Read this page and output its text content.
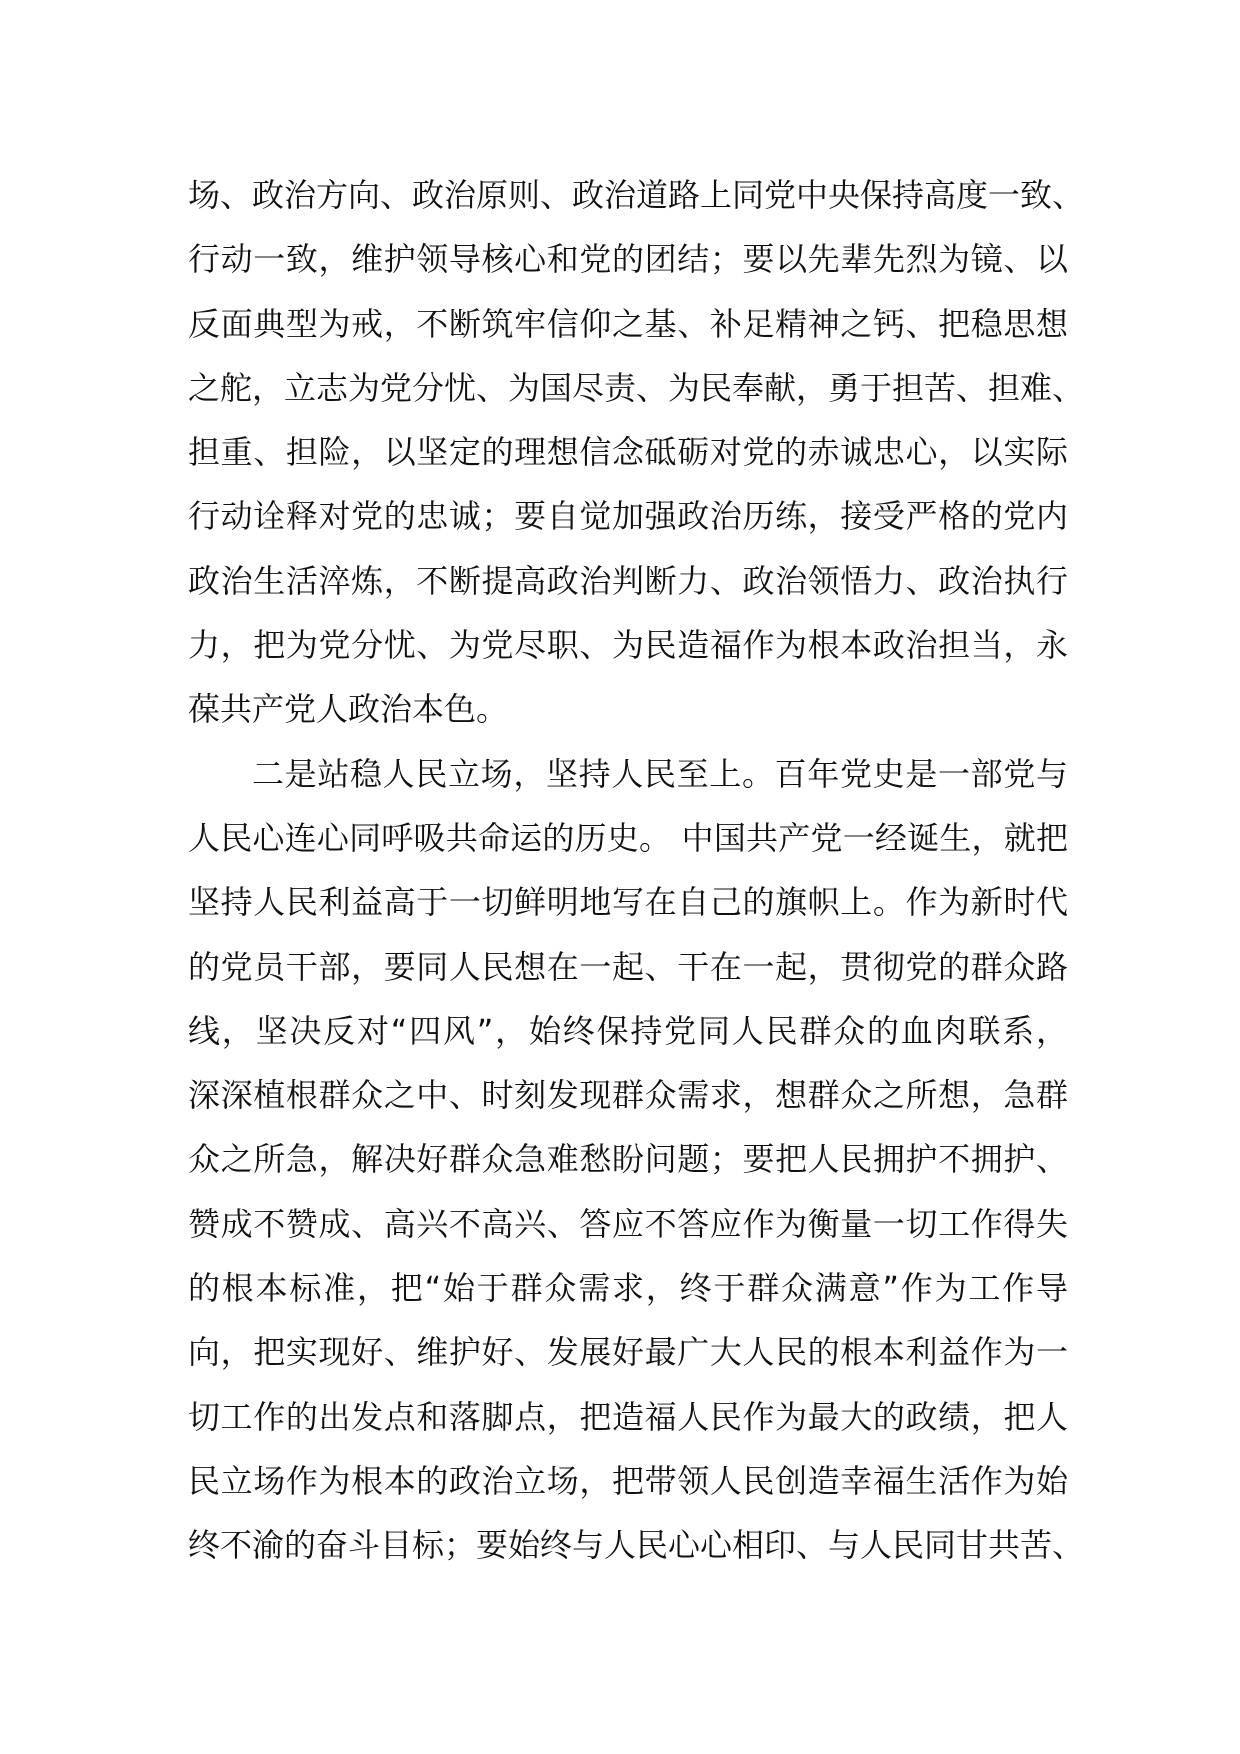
场、政治方向、政治原则、政治道路上同党中央保持高度一致、
行动一致，维护领导核心和党的团结；要以先辈先烈为镜、以
反面典型为戒，不断筑牢信仰之基、补足精神之钙、把稳思想
之舵，立志为党分忧、为国尽责、为民奉献，勇于担苦、担难、
担重、担险，以坚定的理想信念砥砺对党的赤诚忠心，以实际
行动诠释对党的忠诚；要自觉加强政治历练，接受严格的党内
政治生活淬炼，不断提高政治判断力、政治领悟力、政治执行
力，把为党分忧、为党尽职、为民造福作为根本政治担当，永
葆共产党人政治本色。
二是站稳人民立场，坚持人民至上。百年党史是一部党与
人民心连心同呼吸共命运的历史。 中国共产党一经诞生，就把
坚持人民利益高于一切鲜明地写在自己的旗帜上。作为新时代
的党员干部，要同人民想在一起、干在一起，贯彻党的群众路
线，坚决反对“四风”，始终保持党同人民群众的血肉联系，
深深植根群众之中、时刻发现群众需求，想群众之所想，急群
众之所急，解决好群众急难愁盼问题；要把人民拥护不拥护、
赞成不赞成、高兴不高兴、答应不答应作为衡量一切工作得失
的根本标准，把“始于群众需求，终于群众满意”作为工作导
向，把实现好、维护好、发展好最广大人民的根本利益作为一
切工作的出发点和落脚点，把造福人民作为最大的政绩，把人
民立场作为根本的政治立场，把带领人民创造幸福生活作为始
终不渝的奋斗目标；要始终与人民心心相印、与人民同甘共苦、
